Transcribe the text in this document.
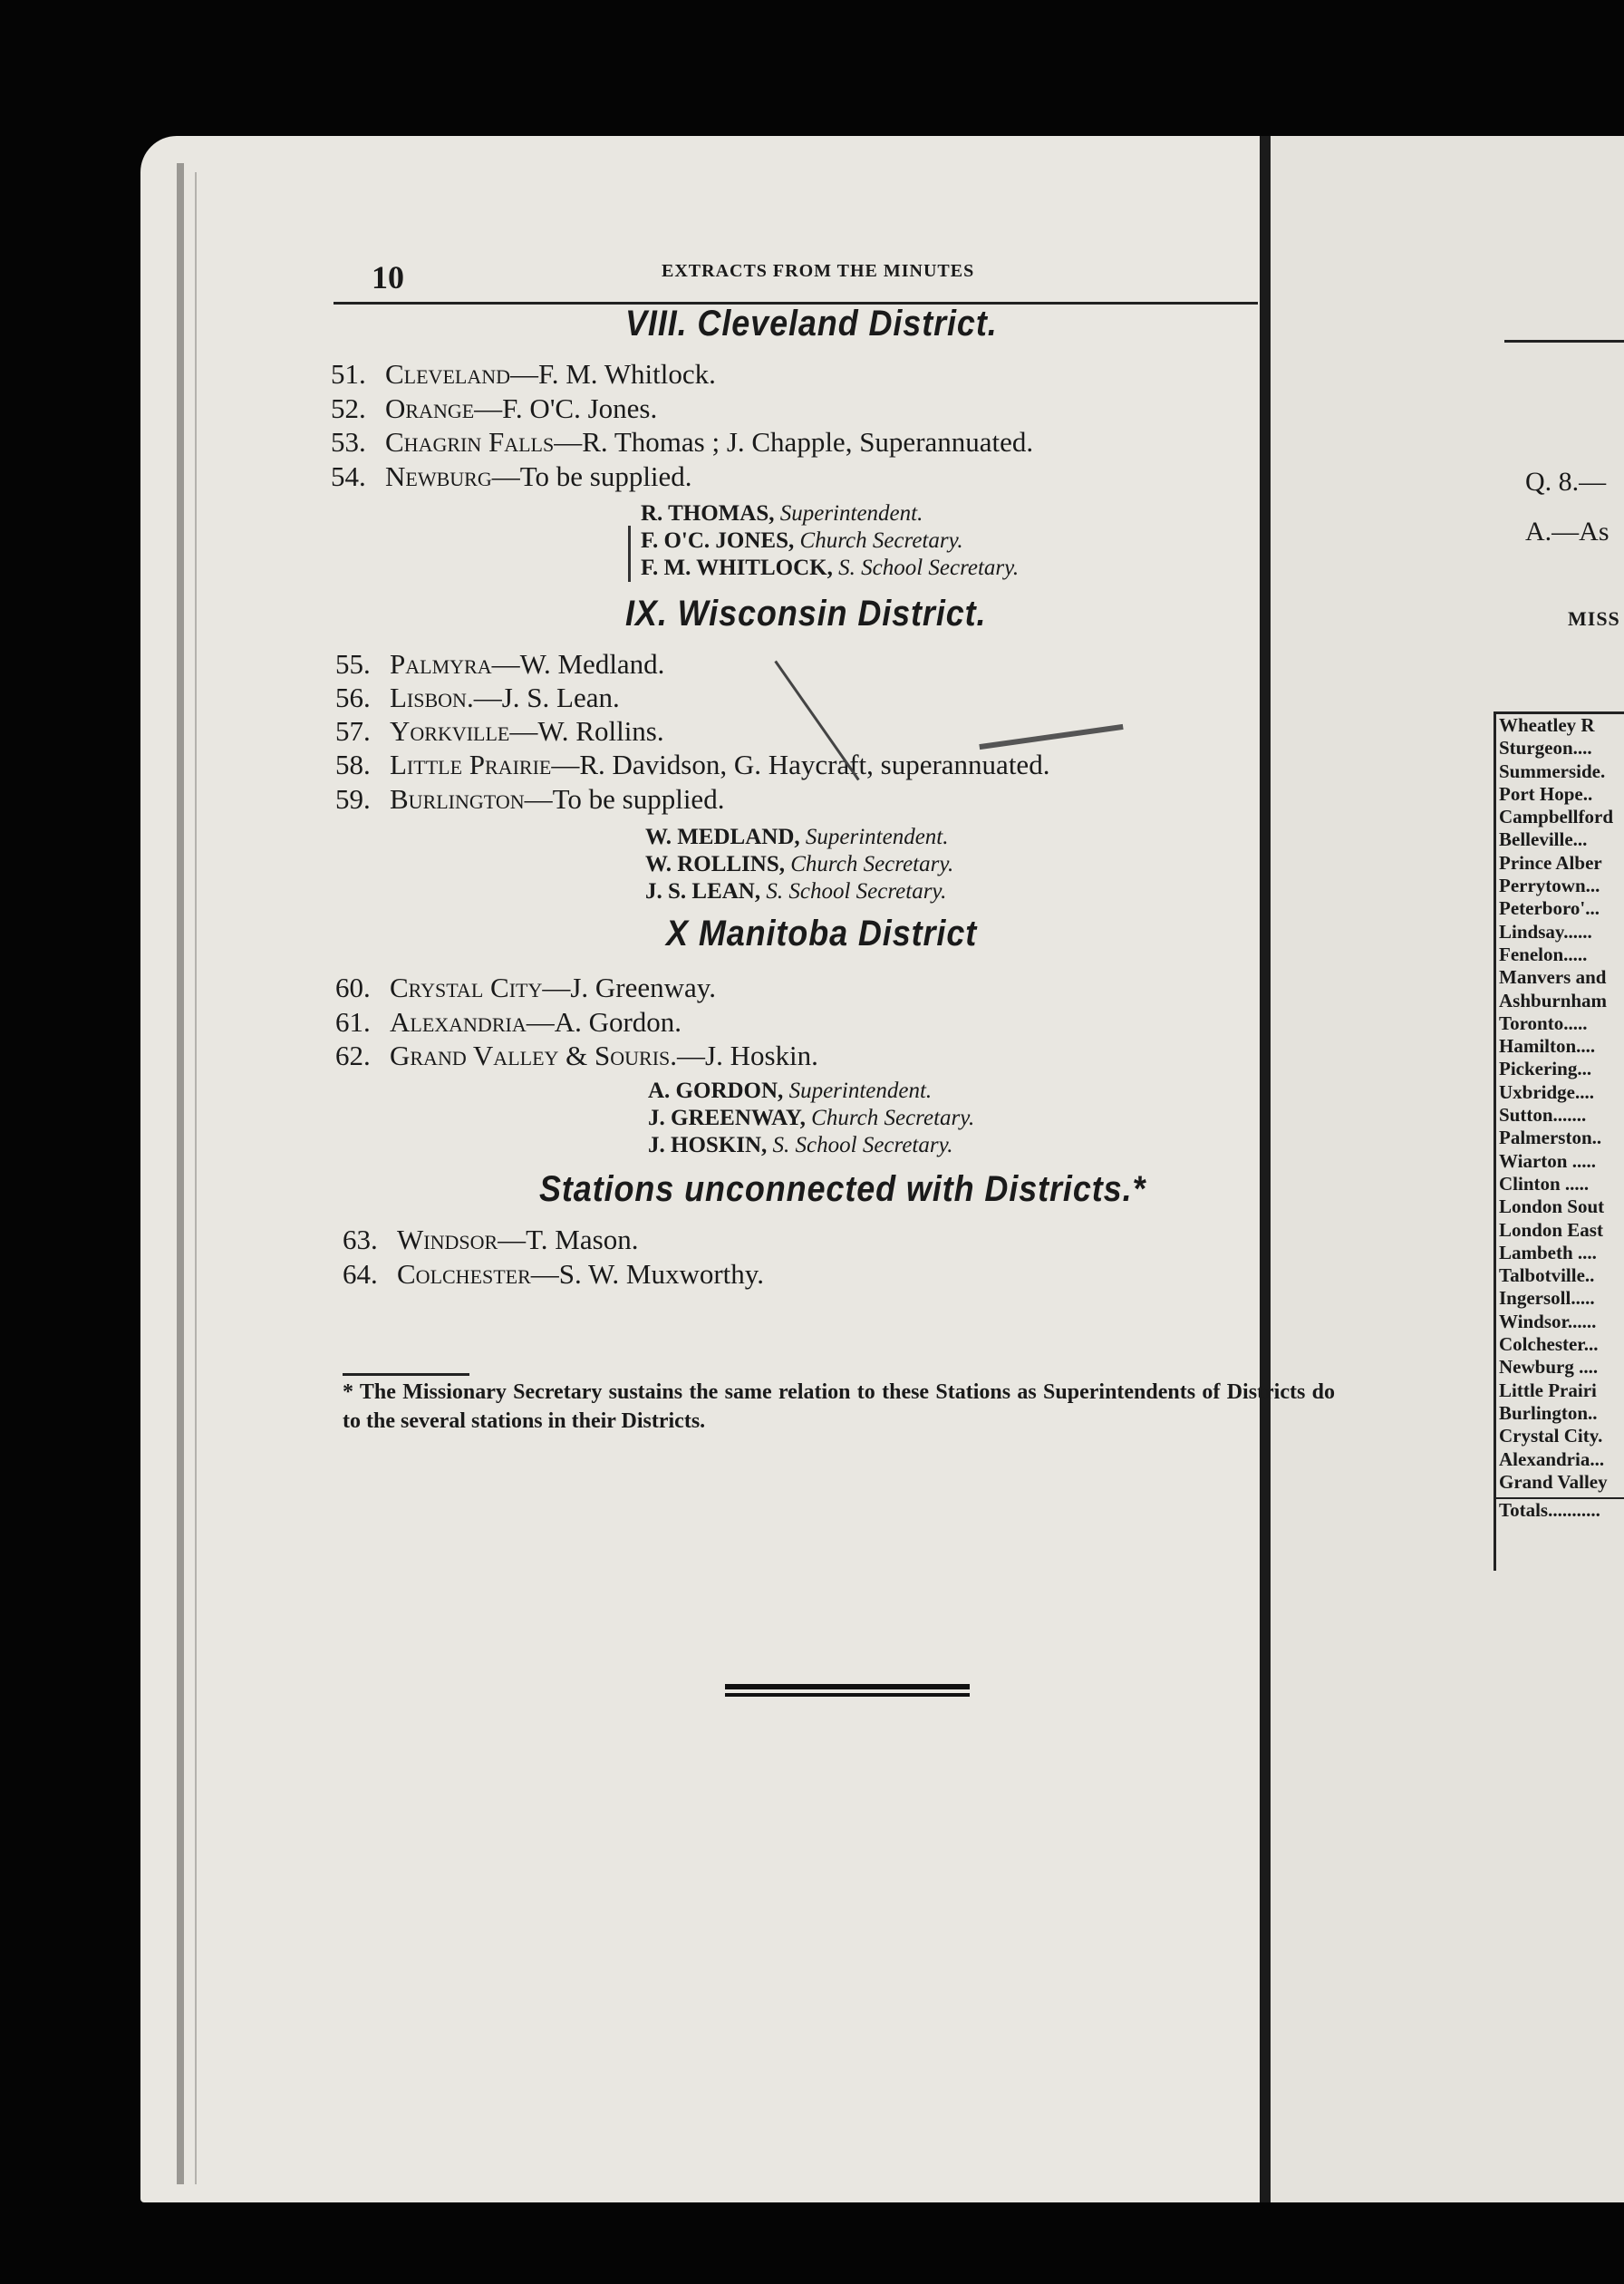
10	EXTRACTS FROM THE MINUTES
VIII. Cleveland District.
51. Cleveland—F. M. Whitlock.
52. Orange—F. O'C. Jones.
53. Chagrin Falls—R. Thomas ; J. Chapple, Superannuated.
54. Newburg—To be supplied.
R. THOMAS, Superintendent.
F. O'C. JONES, Church Secretary.
F. M. WHITLOCK, S. School Secretary.
IX. Wisconsin District.
55. Palmyra—W. Medland.
56. Lisbon.—J. S. Lean.
57. Yorkville—W. Rollins.
58. Little Prairie—R. Davidson, G. Haycraft, superannuated.
59. Burlington—To be supplied.
W. MEDLAND, Superintendent.
W. ROLLINS, Church Secretary.
J. S. LEAN, S. School Secretary.
X Manitoba District
60. Crystal City—J. Greenway.
61. Alexandria—A. Gordon.
62. Grand Valley & Souris.—J. Hoskin.
A. GORDON, Superintendent.
J. GREENWAY, Church Secretary.
J. HOSKIN, S. School Secretary.
Stations unconnected with Districts.*
63. Windsor—T. Mason.
64. Colchester—S. W. Muxworthy.
* The Missionary Secretary sustains the same relation to these Stations as Superintendents of Districts do to the several stations in their Districts.
Q. 8.—
A.—As
MISS
Wheatley R
Sturgeon....
Summerside.
Port Hope..
Campbellford
Belleville...
Prince Alber
Perrytown...
Peterboro'...
Lindsay......
Fenelon.....
Manvers and
Ashburnham
Toronto.....
Hamilton....
Pickering...
Uxbridge....
Sutton.......
Palmerston..
Wiarton .....
Clinton .....
London Sout
London East
Lambeth ....
Talbotville..
Ingersoll.....
Windsor......
Colchester...
Newburg ....
Little Prairi
Burlington..
Crystal City.
Alexandria...
Grand Valley
Totals...........
